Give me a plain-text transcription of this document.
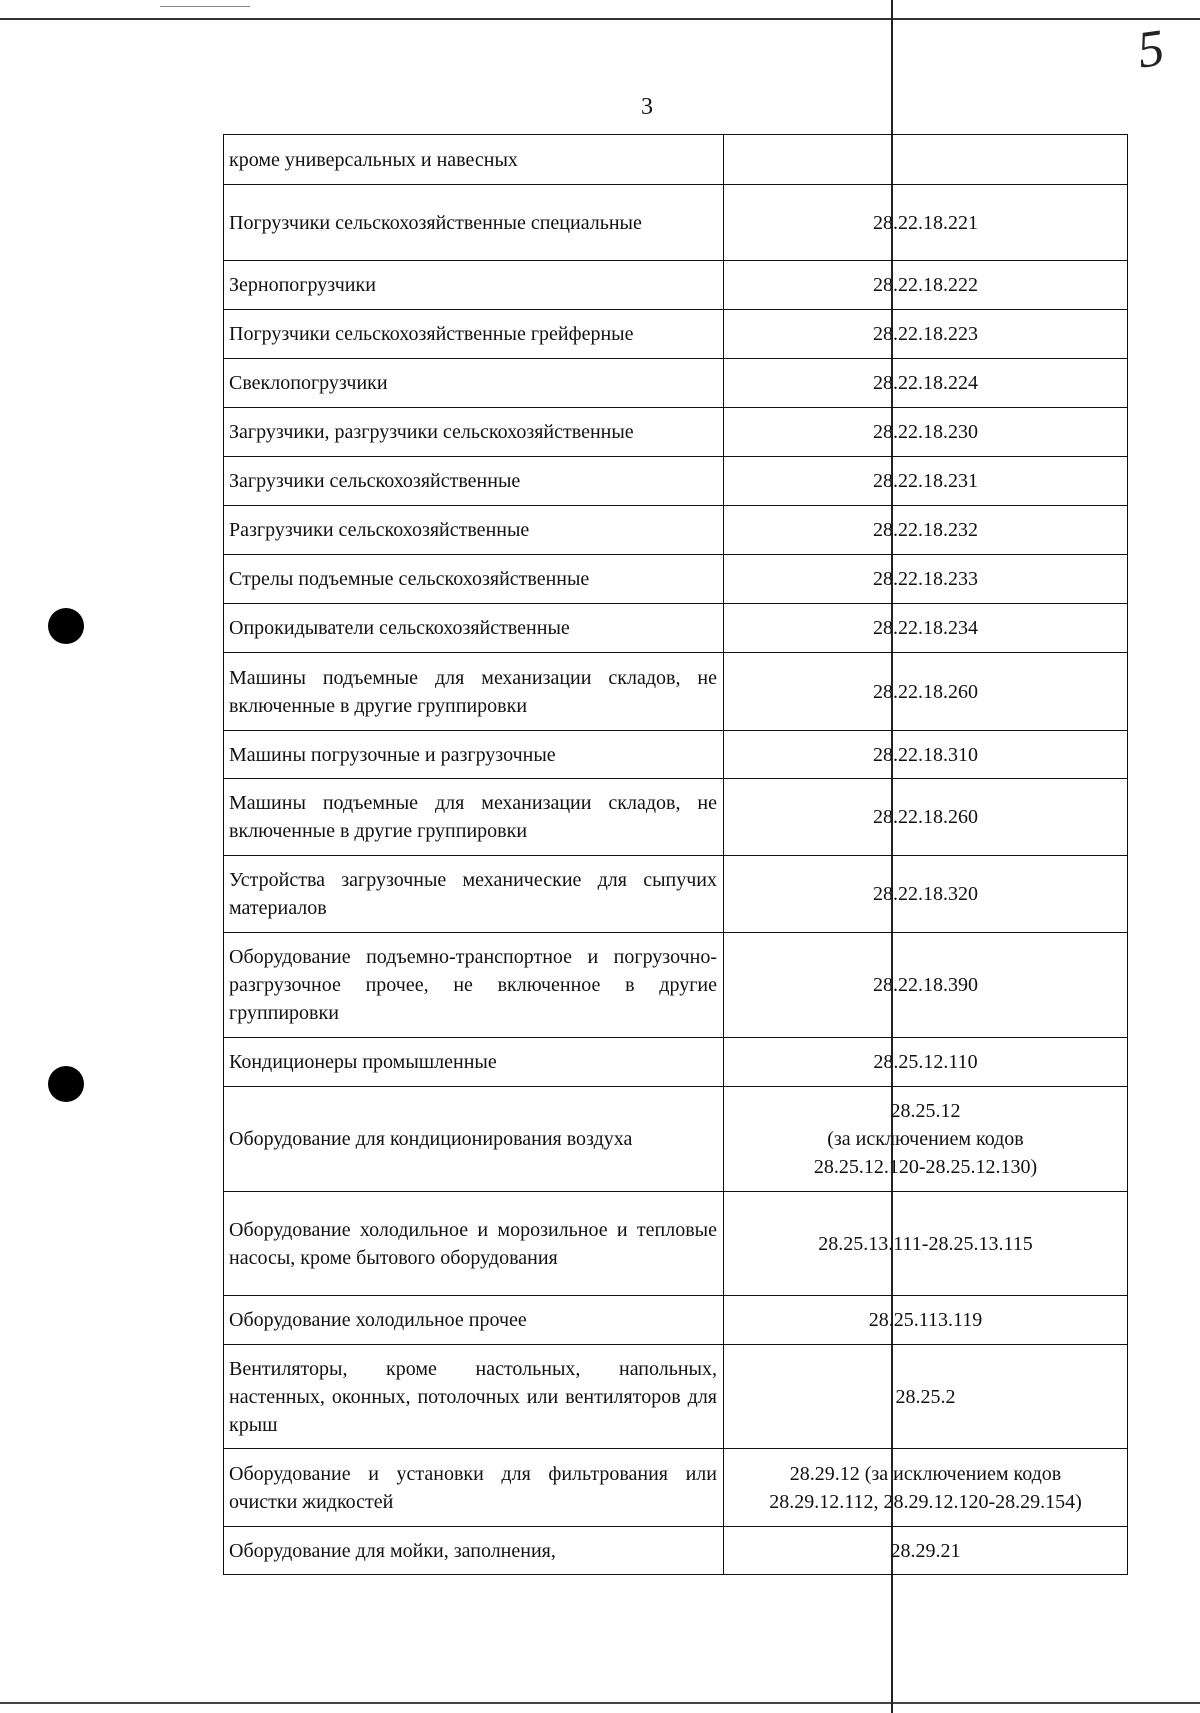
5
3
кроме универсальных и навесных	
Погрузчики сельскохозяйственные специальные	28.22.18.221
Зернопогрузчики	28.22.18.222
Погрузчики сельскохозяйственные грейферные	28.22.18.223
Свеклопогрузчики	28.22.18.224
Загрузчики, разгрузчики сельскохозяйственные	28.22.18.230
Загрузчики сельскохозяйственные	28.22.18.231
Разгрузчики сельскохозяйственные	28.22.18.232
Стрелы подъемные сельскохозяйственные	28.22.18.233
Опрокидыватели сельскохозяйственные	28.22.18.234
Машины подъемные для механизации складов, не включенные в другие группировки	28.22.18.260
Машины погрузочные и разгрузочные	28.22.18.310
Машины подъемные для механизации складов, не включенные в другие группировки	28.22.18.260
Устройства загрузочные механические для сыпучих материалов	28.22.18.320
Оборудование подъемно-транспортное и погрузочно-разгрузочное прочее, не включенное в другие группировки	28.22.18.390
Кондиционеры промышленные	28.25.12.110
Оборудование для кондиционирования воздуха	28.25.12
(за исключением кодов
28.25.12.120-28.25.12.130)
Оборудование холодильное и морозильное и тепловые насосы, кроме бытового оборудования	28.25.13.111-28.25.13.115
Оборудование холодильное прочее	28.25.113.119
Вентиляторы, кроме настольных, напольных, настенных, оконных, потолочных или вентиляторов для крыш	28.25.2
Оборудование и установки для фильтрования или очистки жидкостей	28.29.12 (за исключением кодов
28.29.12.112, 28.29.12.120-28.29.154)
Оборудование для мойки, заполнения,	28.29.21
